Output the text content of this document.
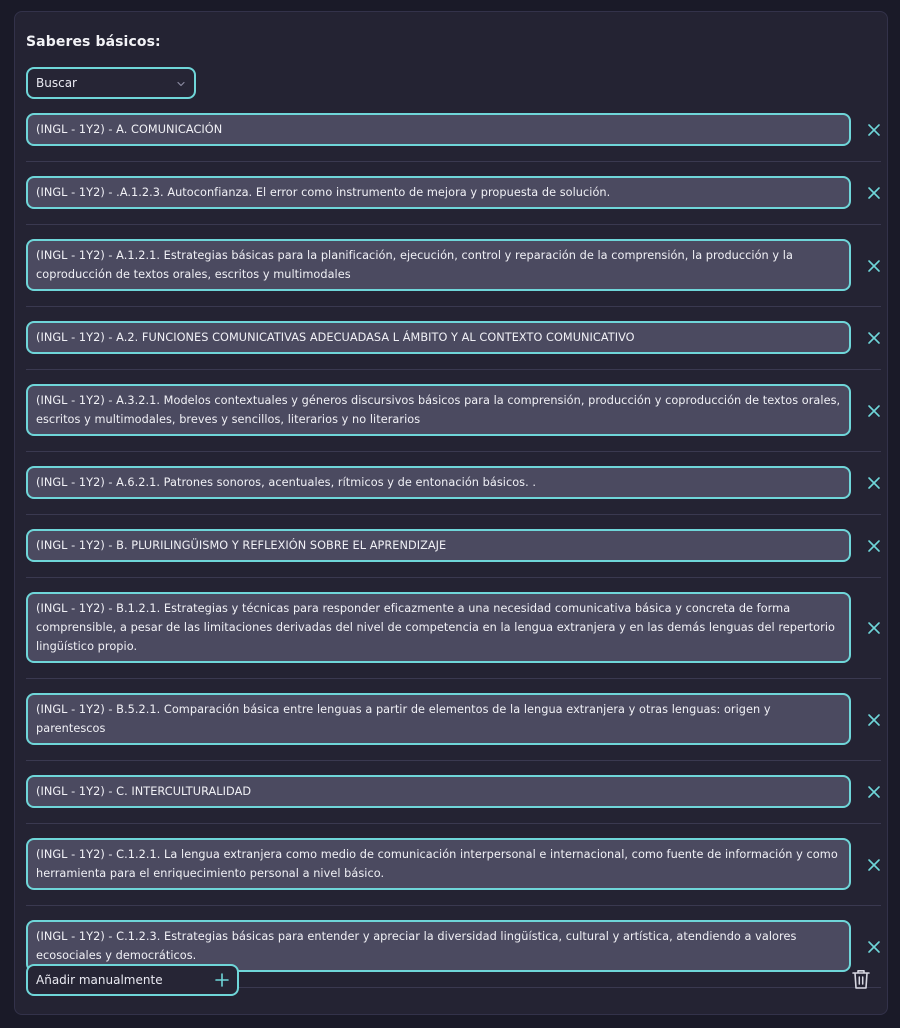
Saberes básicos:
Buscar
(INGL - 1Y2) - A. COMUNICACIÓN
(INGL - 1Y2) - .A.1.2.3. Autoconfianza. El error como instrumento de mejora y propuesta de solución.
(INGL - 1Y2) - A.1.2.1. Estrategias básicas para la planificación, ejecución, control y reparación de la comprensión, la producción y la coproducción de textos orales, escritos y multimodales
(INGL - 1Y2) - A.2. FUNCIONES COMUNICATIVAS ADECUADASA L ÁMBITO Y AL CONTEXTO COMUNICATIVO
(INGL - 1Y2) - A.3.2.1. Modelos contextuales y géneros discursivos básicos para la comprensión, producción y coproducción de textos orales, escritos y multimodales, breves y sencillos, literarios y no literarios
(INGL - 1Y2) - A.6.2.1. Patrones sonoros, acentuales, rítmicos y de entonación básicos. .
(INGL - 1Y2) - B. PLURILINGÜISMO Y REFLEXIÓN SOBRE EL APRENDIZAJE
(INGL - 1Y2) - B.1.2.1. Estrategias y técnicas para responder eficazmente a una necesidad comunicativa básica y concreta de forma comprensible, a pesar de las limitaciones derivadas del nivel de competencia en la lengua extranjera y en las demás lenguas del repertorio lingüístico propio.
(INGL - 1Y2) - B.5.2.1. Comparación básica entre lenguas a partir de elementos de la lengua extranjera y otras lenguas: origen y parentescos
(INGL - 1Y2) - C. INTERCULTURALIDAD
(INGL - 1Y2) - C.1.2.1. La lengua extranjera como medio de comunicación interpersonal e internacional, como fuente de información y como herramienta para el enriquecimiento personal a nivel básico.
(INGL - 1Y2) - C.1.2.3. Estrategias básicas para entender y apreciar la diversidad lingüística, cultural y artística, atendiendo a valores ecosociales y democráticos.
Añadir manualmente
